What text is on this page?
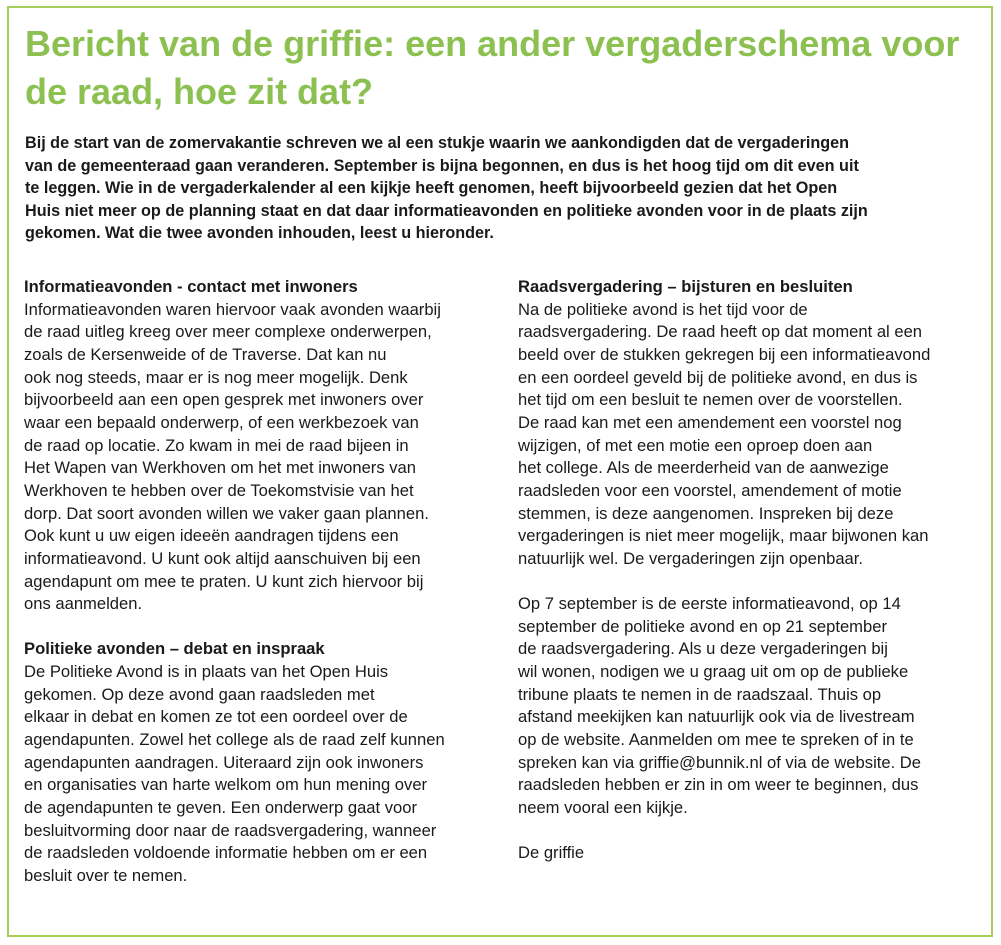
Bericht van de griffie: een ander vergaderschema voor de raad, hoe zit dat?
Bij de start van de zomervakantie schreven we al een stukje waarin we aankondigden dat de vergaderingen
van de gemeenteraad gaan veranderen. September is bijna begonnen, en dus is het hoog tijd om dit even uit
te leggen. Wie in de vergaderkalender al een kijkje heeft genomen, heeft bijvoorbeeld gezien dat het Open
Huis niet meer op de planning staat en dat daar informatieavonden en politieke avonden voor in de plaats zijn
gekomen. Wat die twee avonden inhouden, leest u hieronder.
Informatieavonden - contact met inwoners
Informatieavonden waren hiervoor vaak avonden waarbij
de raad uitleg kreeg over meer complexe onderwerpen,
zoals de Kersenweide of de Traverse. Dat kan nu
ook nog steeds, maar er is nog meer mogelijk. Denk
bijvoorbeeld aan een open gesprek met inwoners over
waar een bepaald onderwerp, of een werkbezoek van
de raad op locatie. Zo kwam in mei de raad bijeen in
Het Wapen van Werkhoven om het met inwoners van
Werkhoven te hebben over de Toekomstvisie van het
dorp. Dat soort avonden willen we vaker gaan plannen.
Ook kunt u uw eigen ideeën aandragen tijdens een
informatieavond. U kunt ook altijd aanschuiven bij een
agendapunt om mee te praten. U kunt zich hiervoor bij
ons aanmelden.
Politieke avonden – debat en inspraak
De Politieke Avond is in plaats van het Open Huis
gekomen. Op deze avond gaan raadsleden met
elkaar in debat en komen ze tot een oordeel over de
agendapunten. Zowel het college als de raad zelf kunnen
agendapunten aandragen. Uiteraard zijn ook inwoners
en organisaties van harte welkom om hun mening over
de agendapunten te geven. Een onderwerp gaat voor
besluitvorming door naar de raadsvergadering, wanneer
de raadsleden voldoende informatie hebben om er een
besluit over te nemen.
Raadsvergadering – bijsturen en besluiten
Na de politieke avond is het tijd voor de
raadsvergadering. De raad heeft op dat moment al een
beeld over de stukken gekregen bij een informatieavond
en een oordeel geveld bij de politieke avond, en dus is
het tijd om een besluit te nemen over de voorstellen.
De raad kan met een amendement een voorstel nog
wijzigen, of met een motie een oproep doen aan
het college. Als de meerderheid van de aanwezige
raadsleden voor een voorstel, amendement of motie
stemmen, is deze aangenomen. Inspreken bij deze
vergaderingen is niet meer mogelijk, maar bijwonen kan
natuurlijk wel. De vergaderingen zijn openbaar.
Op 7 september is de eerste informatieavond, op 14
september de politieke avond en op 21 september
de raadsvergadering. Als u deze vergaderingen bij
wil wonen, nodigen we u graag uit om op de publieke
tribune plaats te nemen in de raadszaal. Thuis op
afstand meekijken kan natuurlijk ook via de livestream
op de website. Aanmelden om mee te spreken of in te
spreken kan via griffie@bunnik.nl of via de website. De
raadsleden hebben er zin in om weer te beginnen, dus
neem vooral een kijkje.
De griffie
